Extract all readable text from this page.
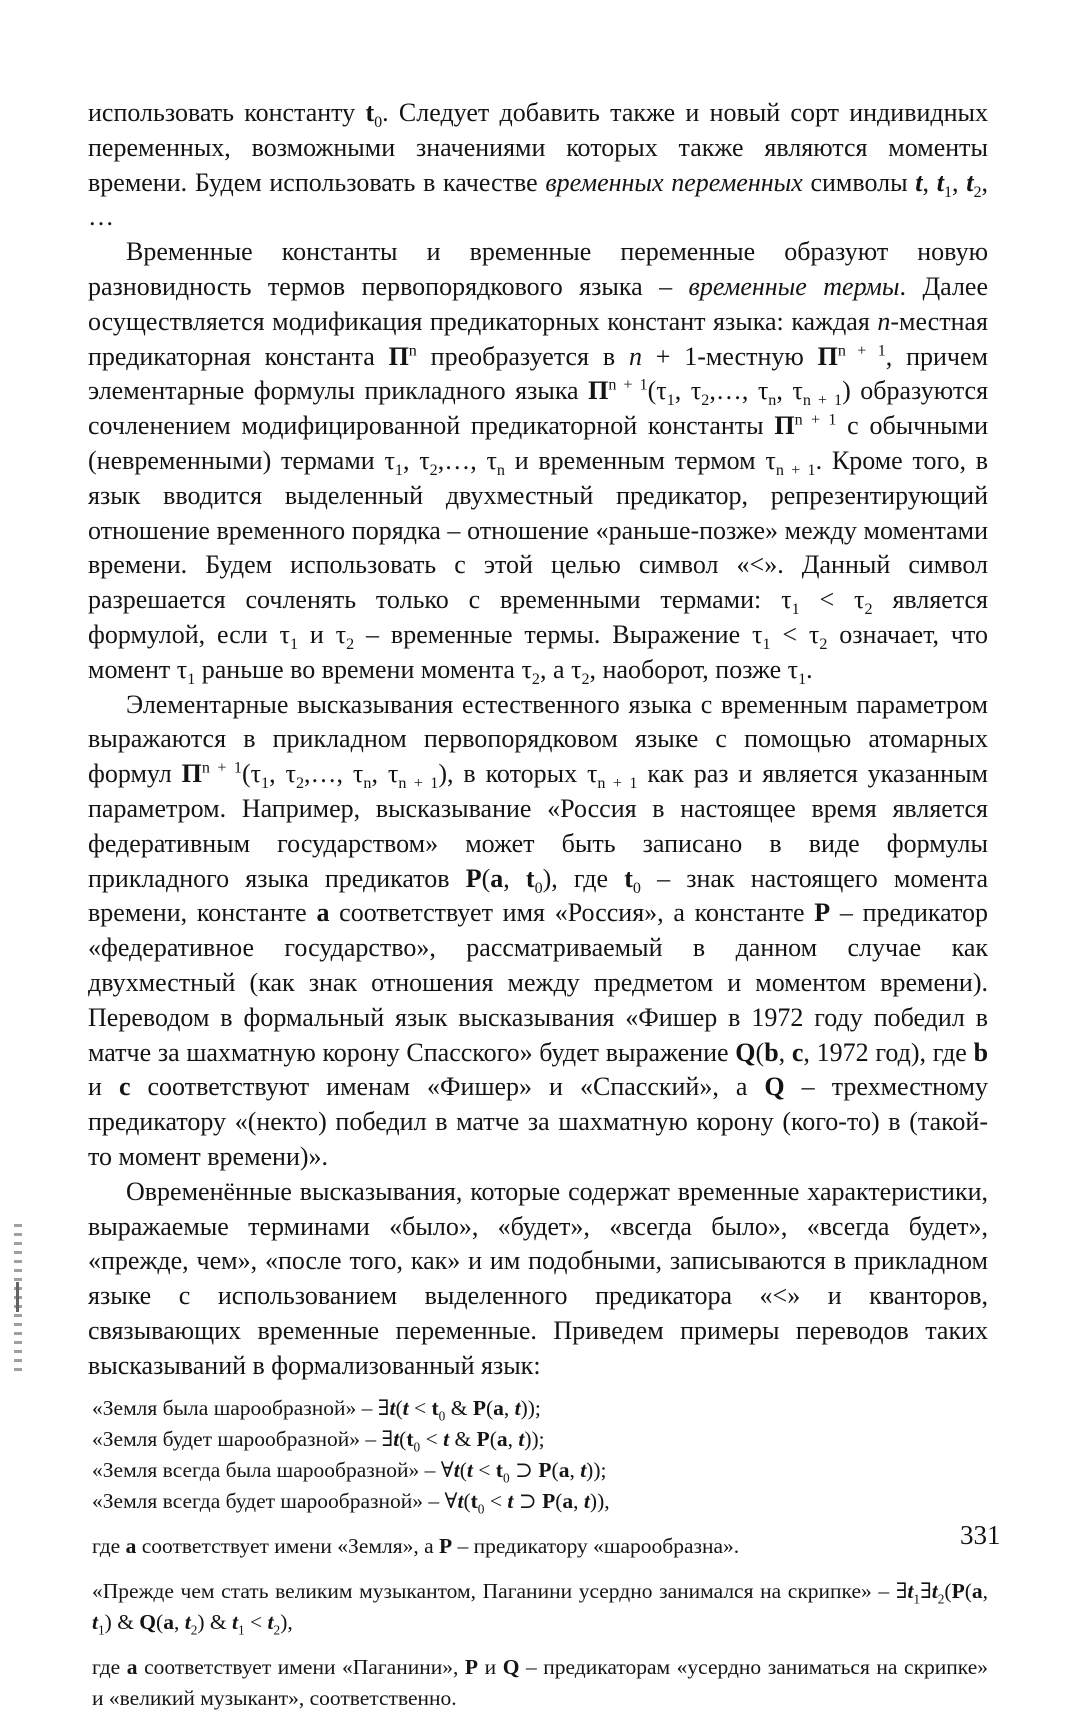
использовать константу $t_0$. Следует добавить также и новый сорт индивидных переменных, возможными значениями которых также являются моменты времени. Будем использовать в качестве временных переменных символы t, $t_1$, $t_2$, …

Временные константы и временные переменные образуют новую разновидность термов первопорядкового языка – временные термы. Далее осуществляется модификация предикаторных констант языка: каждая n-местная предикаторная константа $П^n$ преобразуется в n + 1-местную $П^{n + 1}$, причем элементарные формулы прикладного языка $П^{n + 1}(\tau_1$, $\tau_2,\dots$, $\tau_n$, $\tau_{n + 1}$) образуются сочленением модифицированной предикаторной константы $П^{n + 1}$ с обычными (невременными) термами $\tau_1$, $\tau_2,\dots$, $\tau_n$ и временным термом $\tau_{n + 1}$. Кроме того, в язык вводится выделенный двухместный предикатор, репрезентирующий отношение временного порядка – отношение «раньше-позже» между моментами времени. Будем использовать с этой целью символ «<». Данный символ разрешается сочленять только с временными термами: $\tau_1 < \tau_2$ является формулой, если $\tau_1$ и $\tau_2$ – временные термы. Выражение $\tau_1 < \tau_2$ означает, что момент $\tau_1$ раньше во времени момента $\tau_2$, а $\tau_2$, наоборот, позже $\tau_1$.

Элементарные высказывания естественного языка с временным параметром выражаются в прикладном первопорядковом языке с помощью атомарных формул $П^{n + 1}(\tau_1$, $\tau_2,\dots$, $\tau_n$, $\tau_{n + 1}$), в которых $\tau_{n + 1}$ как раз и является указанным параметром. Например, высказывание «Россия в настоящее время является федеративным государством» может быть записано в виде формулы прикладного языка предикатов P(a, $t_0$), где $t_0$ – знак настоящего момента времени, константе a соответствует имя «Россия», а константе P – предикатор «федеративное государство», рассматриваемый в данном случае как двухместный (как знак отношения между предметом и моментом времени). Переводом в формальный язык высказывания «Фишер в 1972 году победил в матче за шахматную корону Спасского» будет выражение Q(b, c, 1972 год), где b и c соответствуют именам «Фишер» и «Спасский», а Q – трехместному предикатору «(некто) победил в матче за шахматную корону (кого-то) в (такой-то момент времени)».

Овременённые высказывания, которые содержат временные характеристики, выражаемые терминами «было», «будет», «всегда было», «всегда будет», «прежде, чем», «после того, как» и им подобными, записываются в прикладном языке с использованием выделенного предикатора «<» и кванторов, связывающих временные переменные. Приведем примеры переводов таких высказываний в формализованный язык:

«Земля была шарообразной» – ∃t(t < $t_0$ & P(a, t));

«Земля будет шарообразной» – $\exists t(t_0 < t$ & P(a, t));

«Земля всегда была шарообразной» – ∀t(t < $t_0$ ⊃ P(a, t));

«Земля всегда будет шарообразной» – $\forall t(t_0 < t$ ⊃ P(a, t)),

где a соответствует имени «Земля», а P – предикатору «шарообразна».

«Прежде чем стать великим музыкантом, Паганини усердно занимался на скрипке» – $\exists t_1\exists t_2(P(a$, $t_1$) & Q(a, $t_2$) & $t_1 < t_2$),

где a соответствует имени «Паганини», P и Q – предикаторам «усердно заниматься на скрипке» и «великий музыкант», соответственно.

331
